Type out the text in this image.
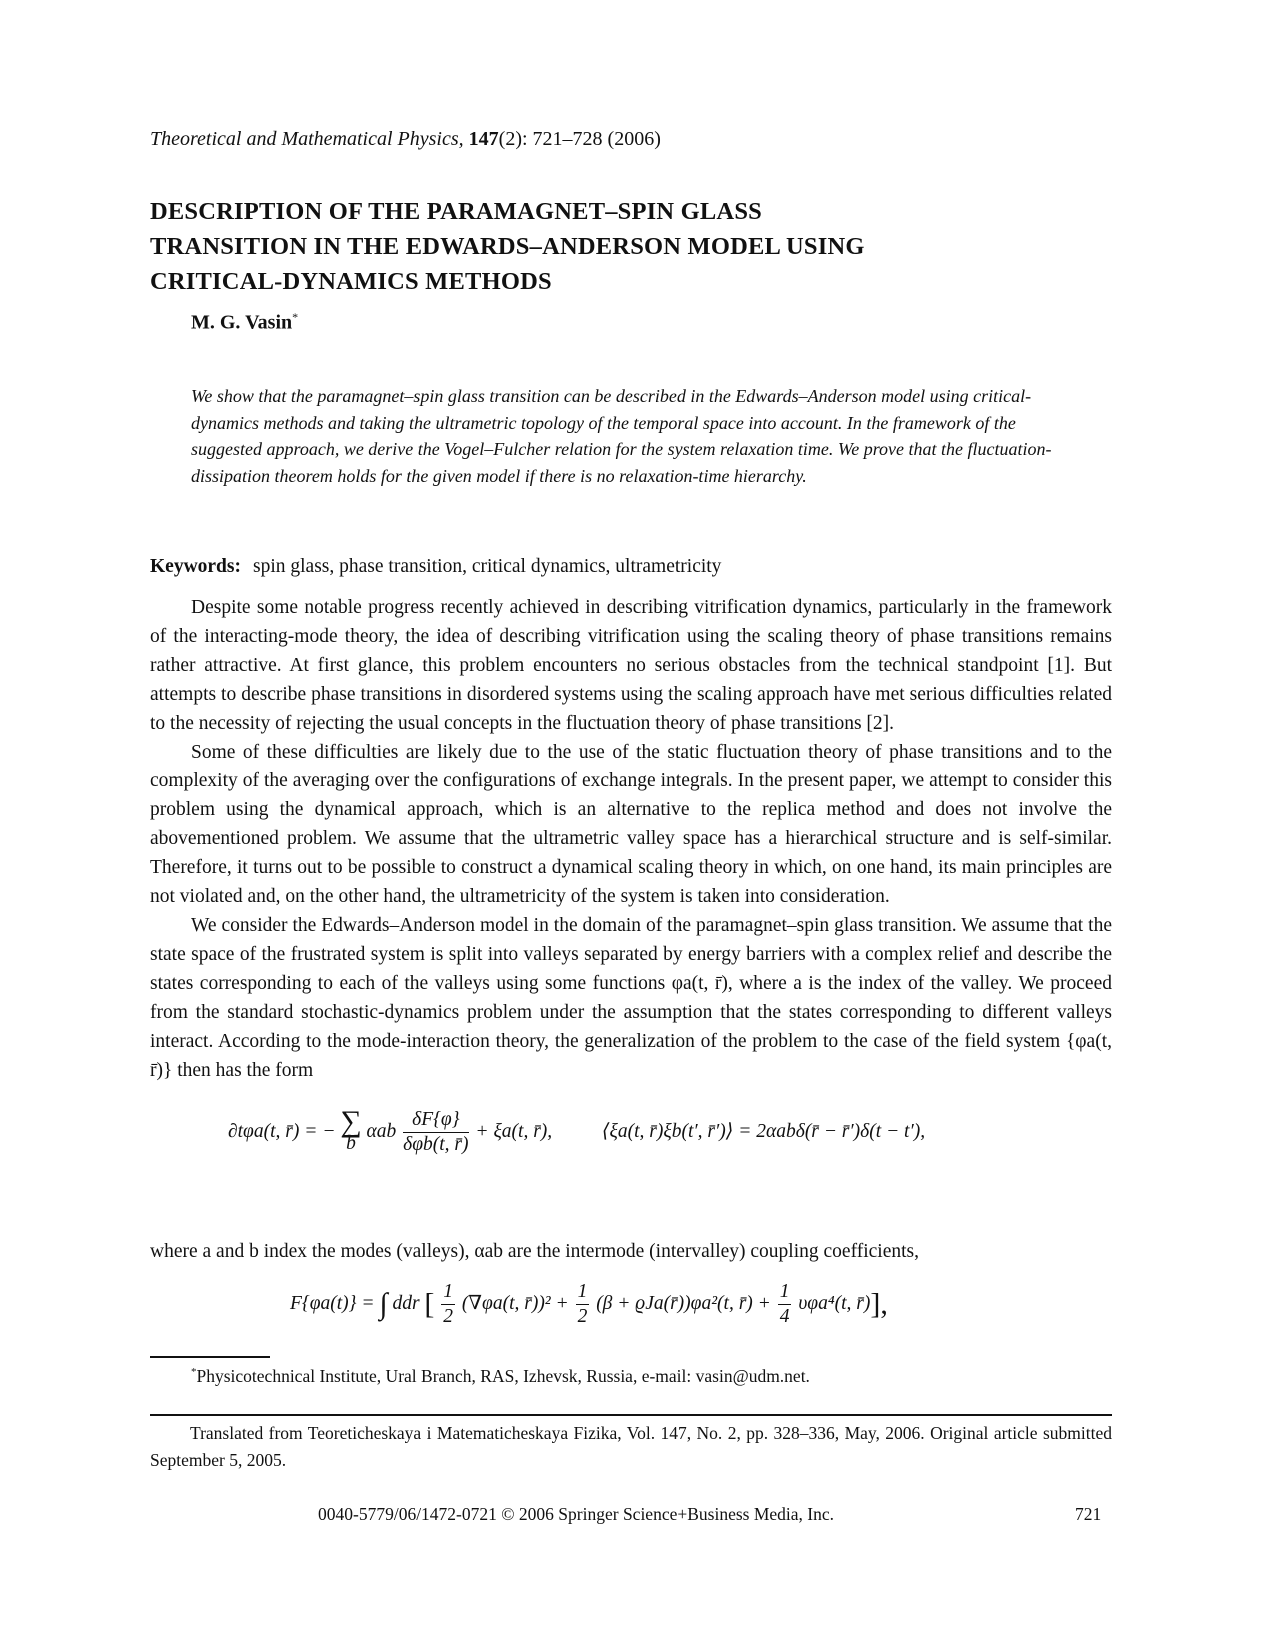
Theoretical and Mathematical Physics, 147(2): 721–728 (2006)
DESCRIPTION OF THE PARAMAGNET–SPIN GLASS
TRANSITION IN THE EDWARDS–ANDERSON MODEL USING
CRITICAL-DYNAMICS METHODS
M. G. Vasin*
We show that the paramagnet–spin glass transition can be described in the Edwards–Anderson model using critical-dynamics methods and taking the ultrametric topology of the temporal space into account. In the framework of the suggested approach, we derive the Vogel–Fulcher relation for the system relaxation time. We prove that the fluctuation-dissipation theorem holds for the given model if there is no relaxation-time hierarchy.
Keywords: spin glass, phase transition, critical dynamics, ultrametricity

Despite some notable progress recently achieved in describing vitrification dynamics, particularly in the framework of the interacting-mode theory, the idea of describing vitrification using the scaling theory of phase transitions remains rather attractive. At first glance, this problem encounters no serious obstacles from the technical standpoint [1]. But attempts to describe phase transitions in disordered systems using the scaling approach have met serious difficulties related to the necessity of rejecting the usual concepts in the fluctuation theory of phase transitions [2].

Some of these difficulties are likely due to the use of the static fluctuation theory of phase transitions and to the complexity of the averaging over the configurations of exchange integrals. In the present paper, we attempt to consider this problem using the dynamical approach, which is an alternative to the replica method and does not involve the abovementioned problem. We assume that the ultrametric valley space has a hierarchical structure and is self-similar. Therefore, it turns out to be possible to construct a dynamical scaling theory in which, on one hand, its main principles are not violated and, on the other hand, the ultrametricity of the system is taken into consideration.

We consider the Edwards–Anderson model in the domain of the paramagnet–spin glass transition. We assume that the state space of the frustrated system is split into valleys separated by energy barriers with a complex relief and describe the states corresponding to each of the valleys using some functions φa(t, r̄), where a is the index of the valley. We proceed from the standard stochastic-dynamics problem under the assumption that the states corresponding to different valleys interact. According to the mode-interaction theory, the generalization of the problem to the case of the field system {φa(t, r̄)} then has the form

∂tφa(t, r̄) = − ∑
b
αab $\frac{\delta F\{\varphi\}}{\text{δφb(t, r̄)}} + \xi a(t$, r̄),	⟨ξa(t, r̄)ξb(t′, r̄′)⟩ = 2αabδ(r̄ − r̄′)δ(t − t′),
where a and b index the modes (valleys), αab are the intermode (intervalley) coupling coefficients,
F{φa(t)} = ∫ ddr [ $\frac{1}{2} (\nabla\varphi a(t$, r̄))² + $\frac{1}{2} (\beta$ + ϱJa(r̄))φa²(t, r̄) + $\frac{1}{4} \upsilon\varphi a^4(t$, r̄)],
*Physicotechnical Institute, Ural Branch, RAS, Izhevsk, Russia, e-mail: vasin@udm.net.
Translated from Teoreticheskaya i Matematicheskaya Fizika, Vol. 147, No. 2, pp. 328–336, May, 2006. Original article submitted September 5, 2005.
0040-5779/06/1472-0721 © 2006 Springer Science+Business Media, Inc.	721
